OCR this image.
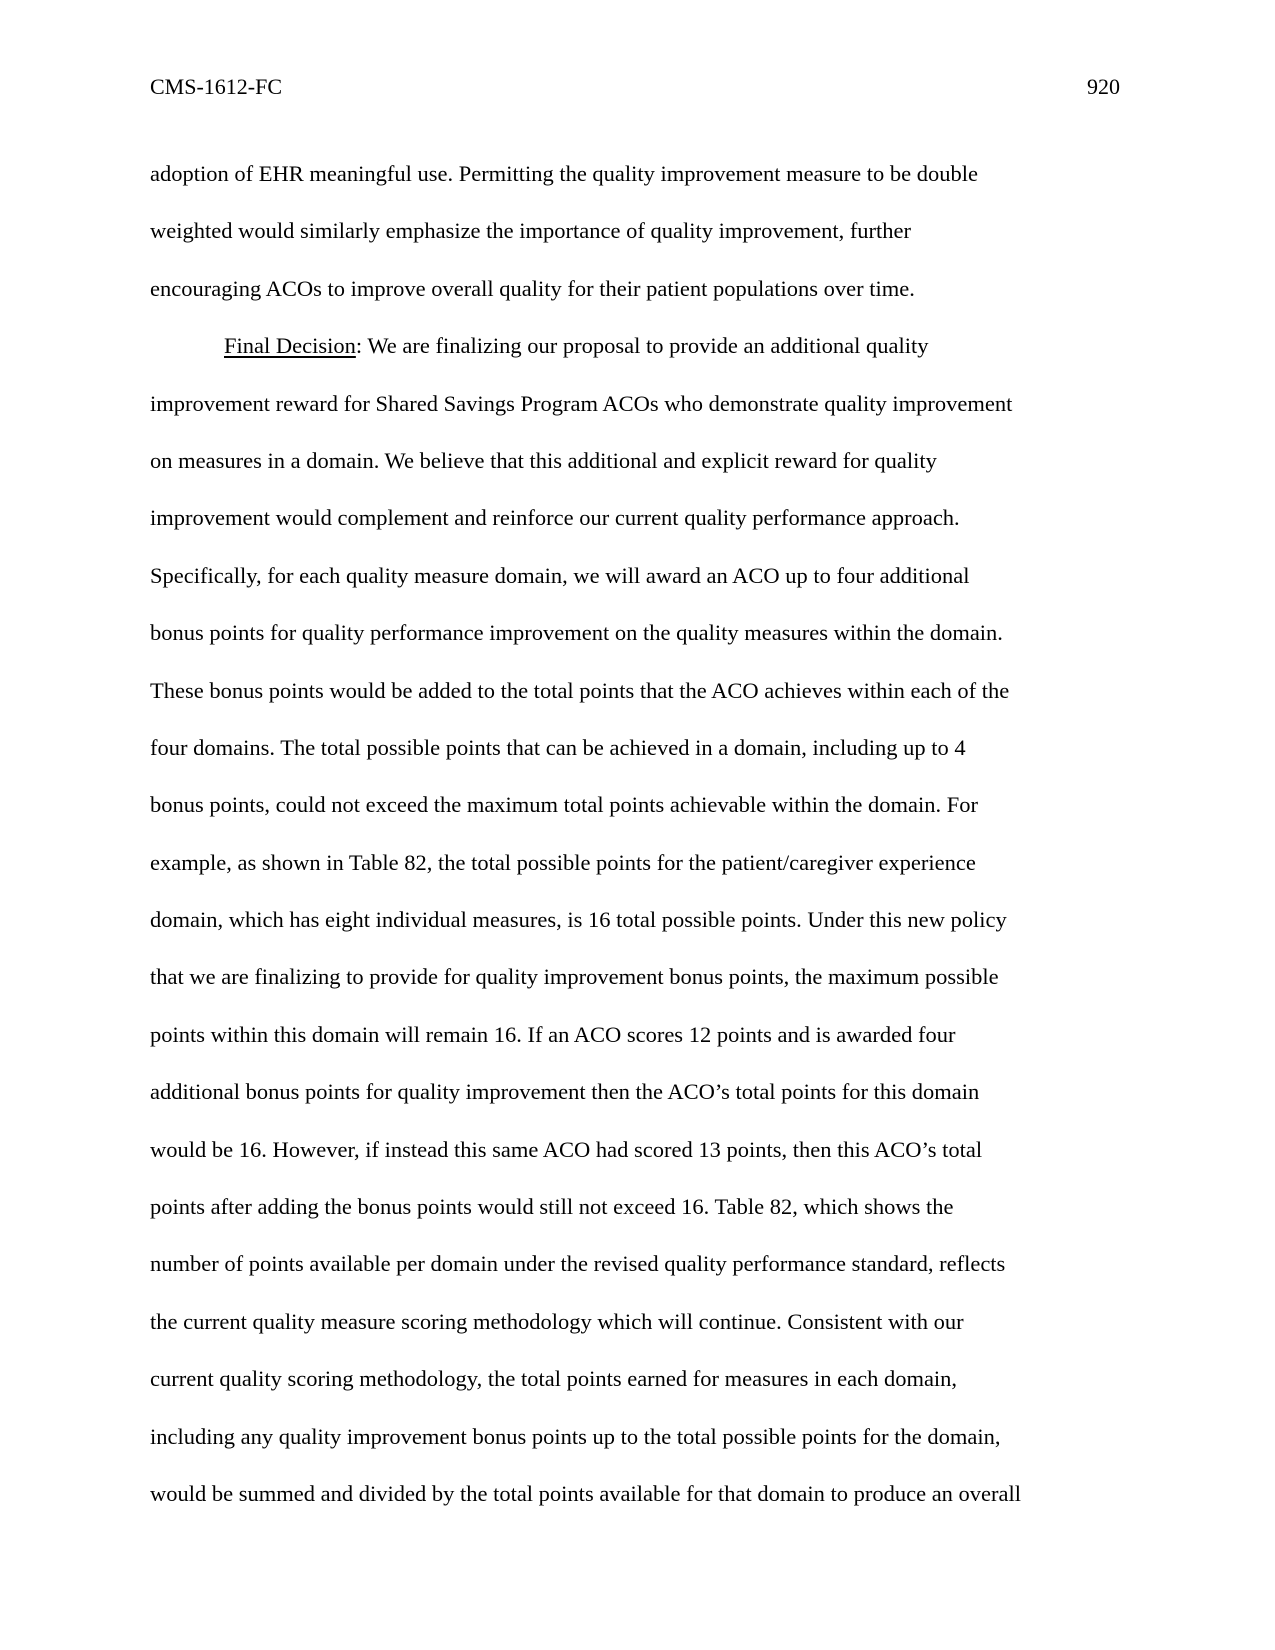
CMS-1612-FC	920
adoption of EHR meaningful use. Permitting the quality improvement measure to be double
weighted would similarly emphasize the importance of quality improvement, further
encouraging ACOs to improve overall quality for their patient populations over time.
Final Decision: We are finalizing our proposal to provide an additional quality
improvement reward for Shared Savings Program ACOs who demonstrate quality improvement
on measures in a domain. We believe that this additional and explicit reward for quality
improvement would complement and reinforce our current quality performance approach.
Specifically, for each quality measure domain, we will award an ACO up to four additional
bonus points for quality performance improvement on the quality measures within the domain.
These bonus points would be added to the total points that the ACO achieves within each of the
four domains. The total possible points that can be achieved in a domain, including up to 4
bonus points, could not exceed the maximum total points achievable within the domain. For
example, as shown in Table 82, the total possible points for the patient/caregiver experience
domain, which has eight individual measures, is 16 total possible points. Under this new policy
that we are finalizing to provide for quality improvement bonus points, the maximum possible
points within this domain will remain 16. If an ACO scores 12 points and is awarded four
additional bonus points for quality improvement then the ACO’s total points for this domain
would be 16. However, if instead this same ACO had scored 13 points, then this ACO’s total
points after adding the bonus points would still not exceed 16. Table 82, which shows the
number of points available per domain under the revised quality performance standard, reflects
the current quality measure scoring methodology which will continue. Consistent with our
current quality scoring methodology, the total points earned for measures in each domain,
including any quality improvement bonus points up to the total possible points for the domain,
would be summed and divided by the total points available for that domain to produce an overall
